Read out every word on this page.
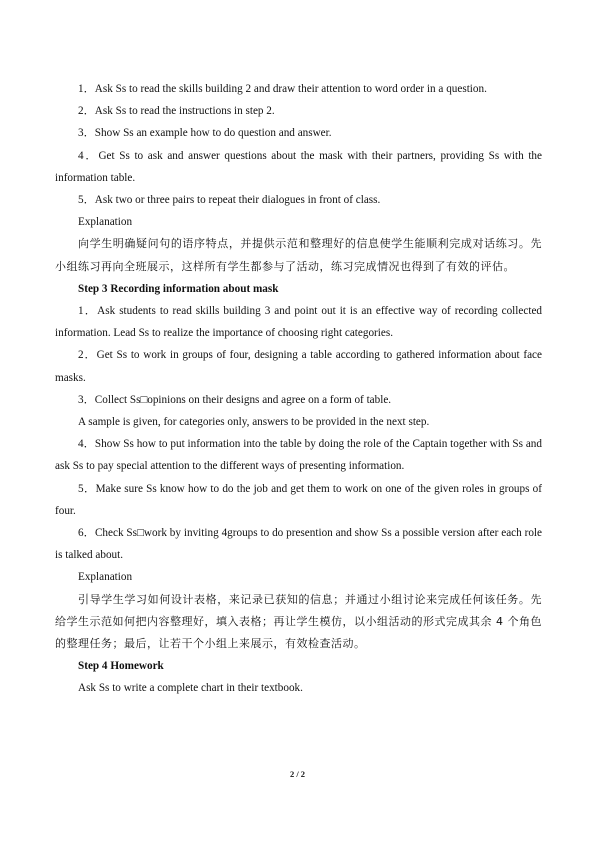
1．Ask Ss to read the skills building 2 and draw their attention to word order in a question.

2．Ask Ss to read the instructions in step 2.

3．Show Ss an example how to do question and answer.

4．Get Ss to ask and answer questions about the mask with their partners, providing Ss with the information table.

5．Ask two or three pairs to repeat their dialogues in front of class.

Explanation

向学生明确疑问句的语序特点，并提供示范和整理好的信息使学生能顺利完成对话练习。先小组练习再向全班展示，这样所有学生都参与了活动，练习完成情况也得到了有效的评估。

Step 3 Recording information about mask

1．Ask students to read skills building 3 and point out it is an effective way of recording collected information. Lead Ss to realize the importance of choosing right categories.

2．Get Ss to work in groups of four, designing a table according to gathered information about face masks.

3．Collect Ss□opinions on their designs and agree on a form of table.

A sample is given, for categories only, answers to be provided in the next step.

4．Show Ss how to put information into the table by doing the role of the Captain together with Ss and ask Ss to pay special attention to the different ways of presenting information.

5．Make sure Ss know how to do the job and get them to work on one of the given roles in groups of four.

6．Check Ss□work by inviting 4groups to do presention and show Ss a possible version after each role is talked about.

Explanation

引导学生学习如何设计表格，来记录已获知的信息；并通过小组讨论来完成任何该任务。先给学生示范如何把内容整理好，填入表格；再让学生模仿，以小组活动的形式完成其余 4 个角色的整理任务；最后，让若干个小组上来展示，有效检查活动。

Step 4 Homework

Ask Ss to write a complete chart in their textbook.

2 / 2
